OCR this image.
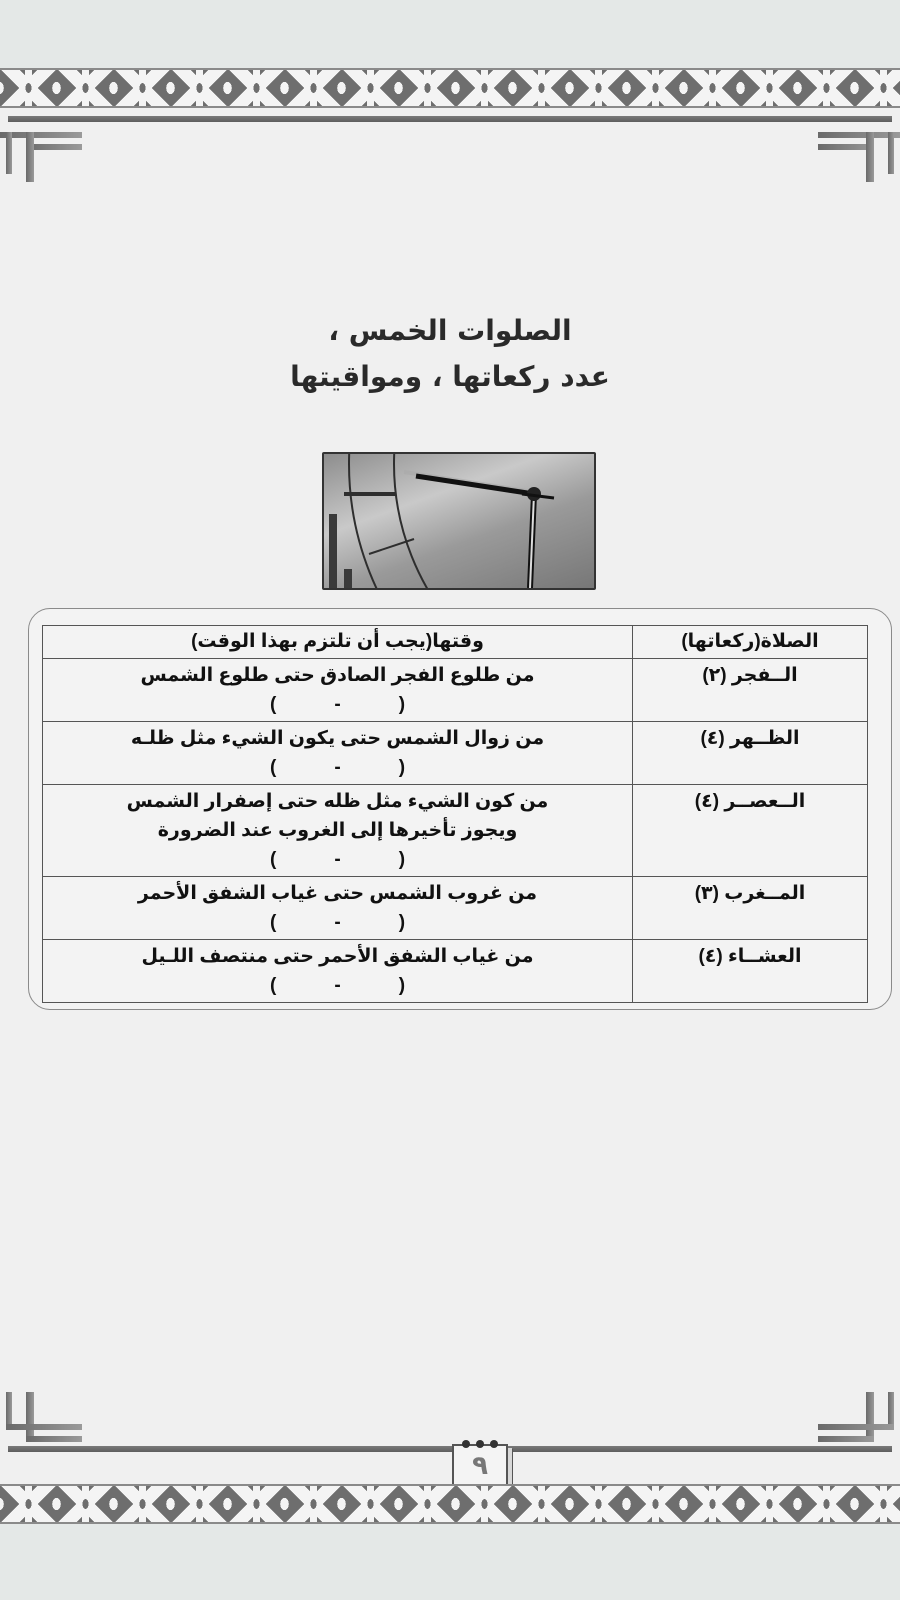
الصلوات الخمس ،
عدد ركعاتها ، ومواقيتها
الصلاة(ركعاتها)	وقتها(يجب أن تلتزم بهذا الوقت)
الــفجر (٢)	من طلوع الفجر الصادق حتى طلوع الشمس
(           -           )

الظــهر (٤)	من زوال الشمس حتى يكون الشيء مثل ظلـه
(           -           )

الــعصــر (٤)	من كون الشيء مثل ظله حتى إصفرار الشمس
ويجوز تأخيرها إلى الغروب عند الضرورة
(           -           )

المــغرب (٣)	من غروب الشمس حتى غياب الشفق الأحمر
(           -           )

العشــاء (٤)	من غياب الشفق الأحمر حتى منتصف اللـيل
(           -           )
٩
